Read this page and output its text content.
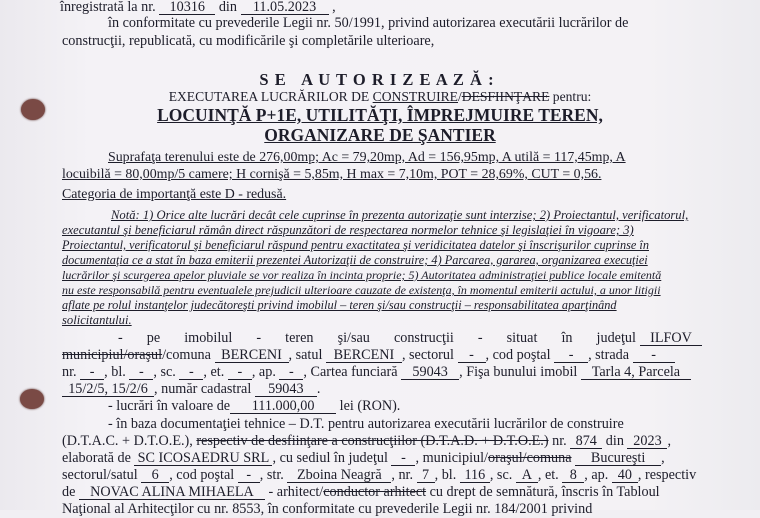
înregistrată la nr. 10316 din 11.05.2023 ,
în conformitate cu prevederile Legii nr. 50/1991, privind autorizarea executării lucrărilor de
construcţii, republicată, cu modificările şi completările ulterioare,
S E   A U T O R I Z E A Z Ă :
EXECUTAREA LUCRĂRILOR DE CONSTRUIRE/DESFIINŢARE pentru:
LOCUINŢĂ P+1E, UTILITĂŢI, ÎMPREJMUIRE TEREN,
ORGANIZARE DE ŞANTIER
Suprafaţa terenului este de 276,00mp; Ac = 79,20mp, Ad = 156,95mp, A utilă = 117,45mp, A
locuibilă = 80,00mp/5 camere; H cornişă = 5,85m, H max = 7,10m, POT = 28,69%, CUT = 0,56.
Categoria de importanţă este D - redusă.
Notă: 1) Orice alte lucrări decât cele cuprinse în prezenta autorizaţie sunt interzise; 2) Proiectantul, verificatorul,
executantul şi beneficiarul rămân direct răspunzători de respectarea normelor tehnice şi legislaţiei în vigoare; 3)
Proiectantul, verificatorul şi beneficiarul răspund pentru exactitatea şi veridicitatea datelor şi înscrişurilor cuprinse în
documentaţia ce a stat în baza emiterii prezentei Autorizaţii de construire; 4) Parcarea, gararea, organizarea execuţiei
lucrărilor şi scurgerea apelor pluviale se vor realiza în incinta proprie; 5) Autoritatea administraţiei publice locale emitentă
nu este responsabilă pentru eventualele prejudicii ulterioare cauzate de existenţa, în momentul emiterii actului, a unor litigii
aflate pe rolul instanţelor judecătoreşti privind imobilul – teren şi/sau construcţii – responsabilitatea aparţinând
solicitantului.
- pe imobilul - teren şi/sau construcţii - situat în judeţul ILFOV
municipiul/oraşul/comuna BERCENI , satul BERCENI , sectorul - , cod poştal - , strada -
nr. - , bl. - , sc. - , et. - , ap. - , Cartea funciară 59043 , Fişa bunului imobil Tarla 4, Parcela
15/2/5, 15/2/6 , număr cadastral 59043 .
- lucrări în valoare de 111.000,00 lei (RON).
- în baza documentaţiei tehnice – D.T. pentru autorizarea executării lucrărilor de construire
(D.T.A.C. + D.T.O.E.), respectiv de desfiinţare a construcţiilor (D.T.A.D. + D.T.O.E.) nr. 874 din 2023 ,
elaborată de SC ICOSAEDRU SRL , cu sediul în judeţul - , municipiul/oraşul/comuna Bucureşti ,
sectorul/satul 6 , cod poştal - , str. Zboina Neagră , nr. 7 , bl. 116 , sc. A , et. 8 , ap. 40 , respectiv
de NOVAC ALINA MIHAELA - arhitect/conductor arhitect cu drept de semnătură, înscris în Tabloul
Naţional al Arhitecţilor cu nr. 8553, în conformitate cu prevederile Legii nr. 184/2001 privind
